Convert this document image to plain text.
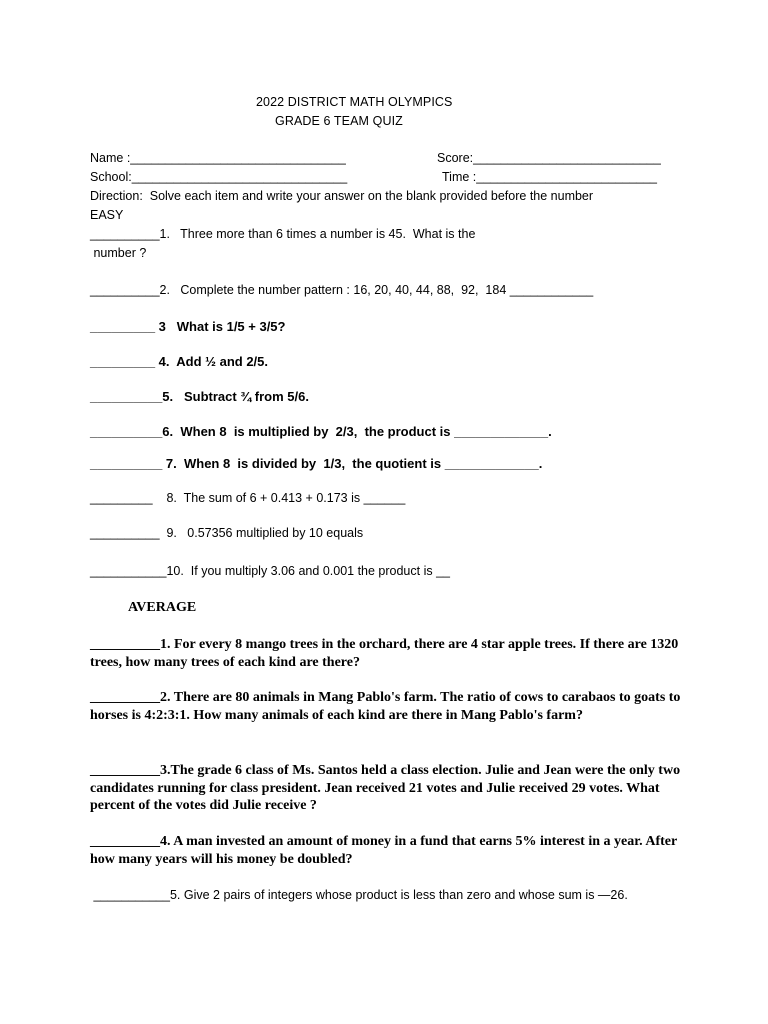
2022 DISTRICT MATH OLYMPICS
GRADE 6 TEAM QUIZ
Name :_______________________________	Score:___________________________
School:_______________________________	Time :__________________________
Direction:  Solve each item and write your answer on the blank provided before the number
EASY
__________1.   Three more than 6 times a number is 45.  What is the
number ?
__________2.   Complete the number pattern : 16, 20, 40, 44, 88,  92,  184 ____________
_________ 3   What is 1/5 + 3/5?
_________ 4.  Add ½ and 2/5.
__________5.   Subtract ¾ from 5/6.
__________6.  When 8  is multiplied by  2/3,  the product is _____________.
__________ 7.  When 8  is divided by  1/3,  the quotient is _____________.
_________    8.  The sum of 6 + 0.413 + 0.173 is ______
__________  9.   0.57356 multiplied by 10 equals
___________10.  If you multiply 3.06 and 0.001 the product is __
AVERAGE
__________1. For every 8 mango trees in the orchard, there are 4 star apple trees. If there are 1320 trees, how many trees of each kind are there?
__________2. There are 80 animals in Mang Pablo's farm. The ratio of cows to carabaos to goats to horses is 4:2:3:1. How many animals of each kind are there in Mang Pablo's farm?
__________3.The grade 6 class of Ms. Santos held a class election. Julie and Jean were the only two candidates running for class president. Jean received 21 votes and Julie received 29 votes. What percent of the votes did Julie receive ?
__________4. A man invested an amount of money in a fund that earns 5% interest in a year. After how many years will his money be doubled?
___________5. Give 2 pairs of integers whose product is less than zero and whose sum is —26.
